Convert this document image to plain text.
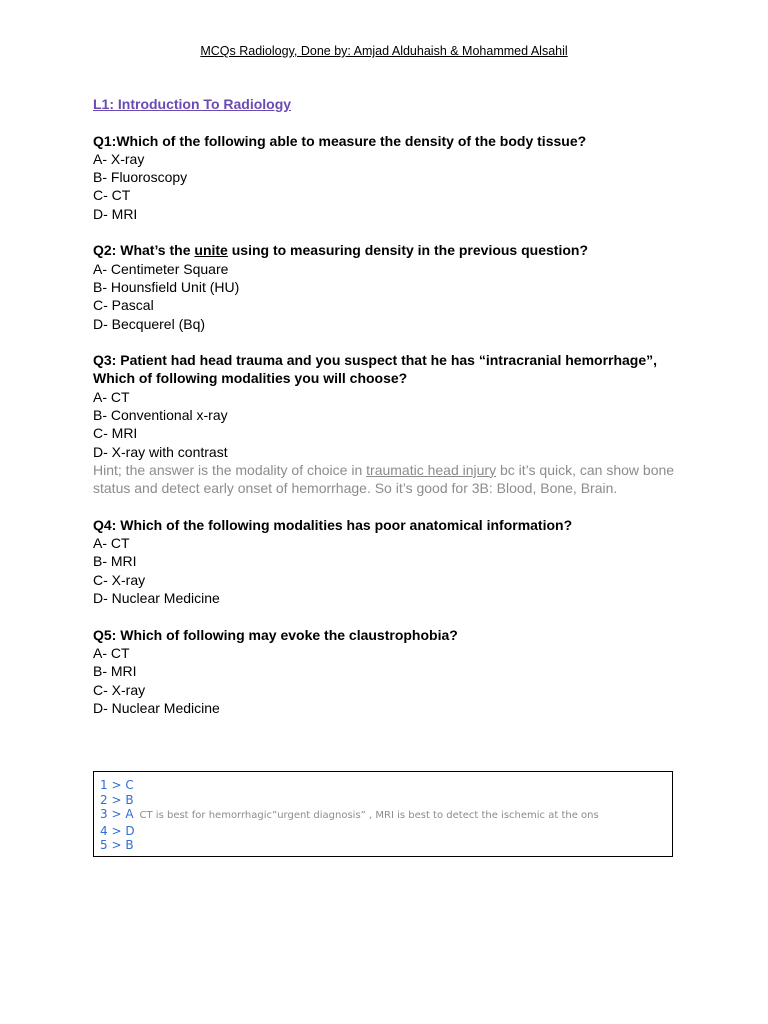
MCQs Radiology, Done by: Amjad Alduhaish & Mohammed Alsahil
L1: Introduction To Radiology
Q1:Which of the following able to measure the density of the body tissue?
A- X-ray
B- Fluoroscopy
C- CT
D- MRI
Q2: What’s the unite using to measuring density in the previous question?
A- Centimeter Square
B- Hounsfield Unit (HU)
C- Pascal
D- Becquerel (Bq)
Q3: Patient had head trauma and you suspect that he has “intracranial hemorrhage”,
Which of following modalities you will choose?
A- CT
B- Conventional x-ray
C- MRI
D- X-ray with contrast
Hint; the answer is the modality of choice in traumatic head injury bc it’s quick, can show bone status and detect early onset of hemorrhage. So it’s good for 3B: Blood, Bone, Brain.
Q4: Which of the following modalities has poor anatomical information?
A- CT
B- MRI
C- X-ray
D- Nuclear Medicine
Q5: Which of following may evoke the claustrophobia?
A- CT
B- MRI
C- X-ray
D- Nuclear Medicine
1 > C
2 > B
3 > A CT is best for hemorrhagic”urgent diagnosis” , MRI is best to detect the ischemic at the ons
4 > D
5 > B
